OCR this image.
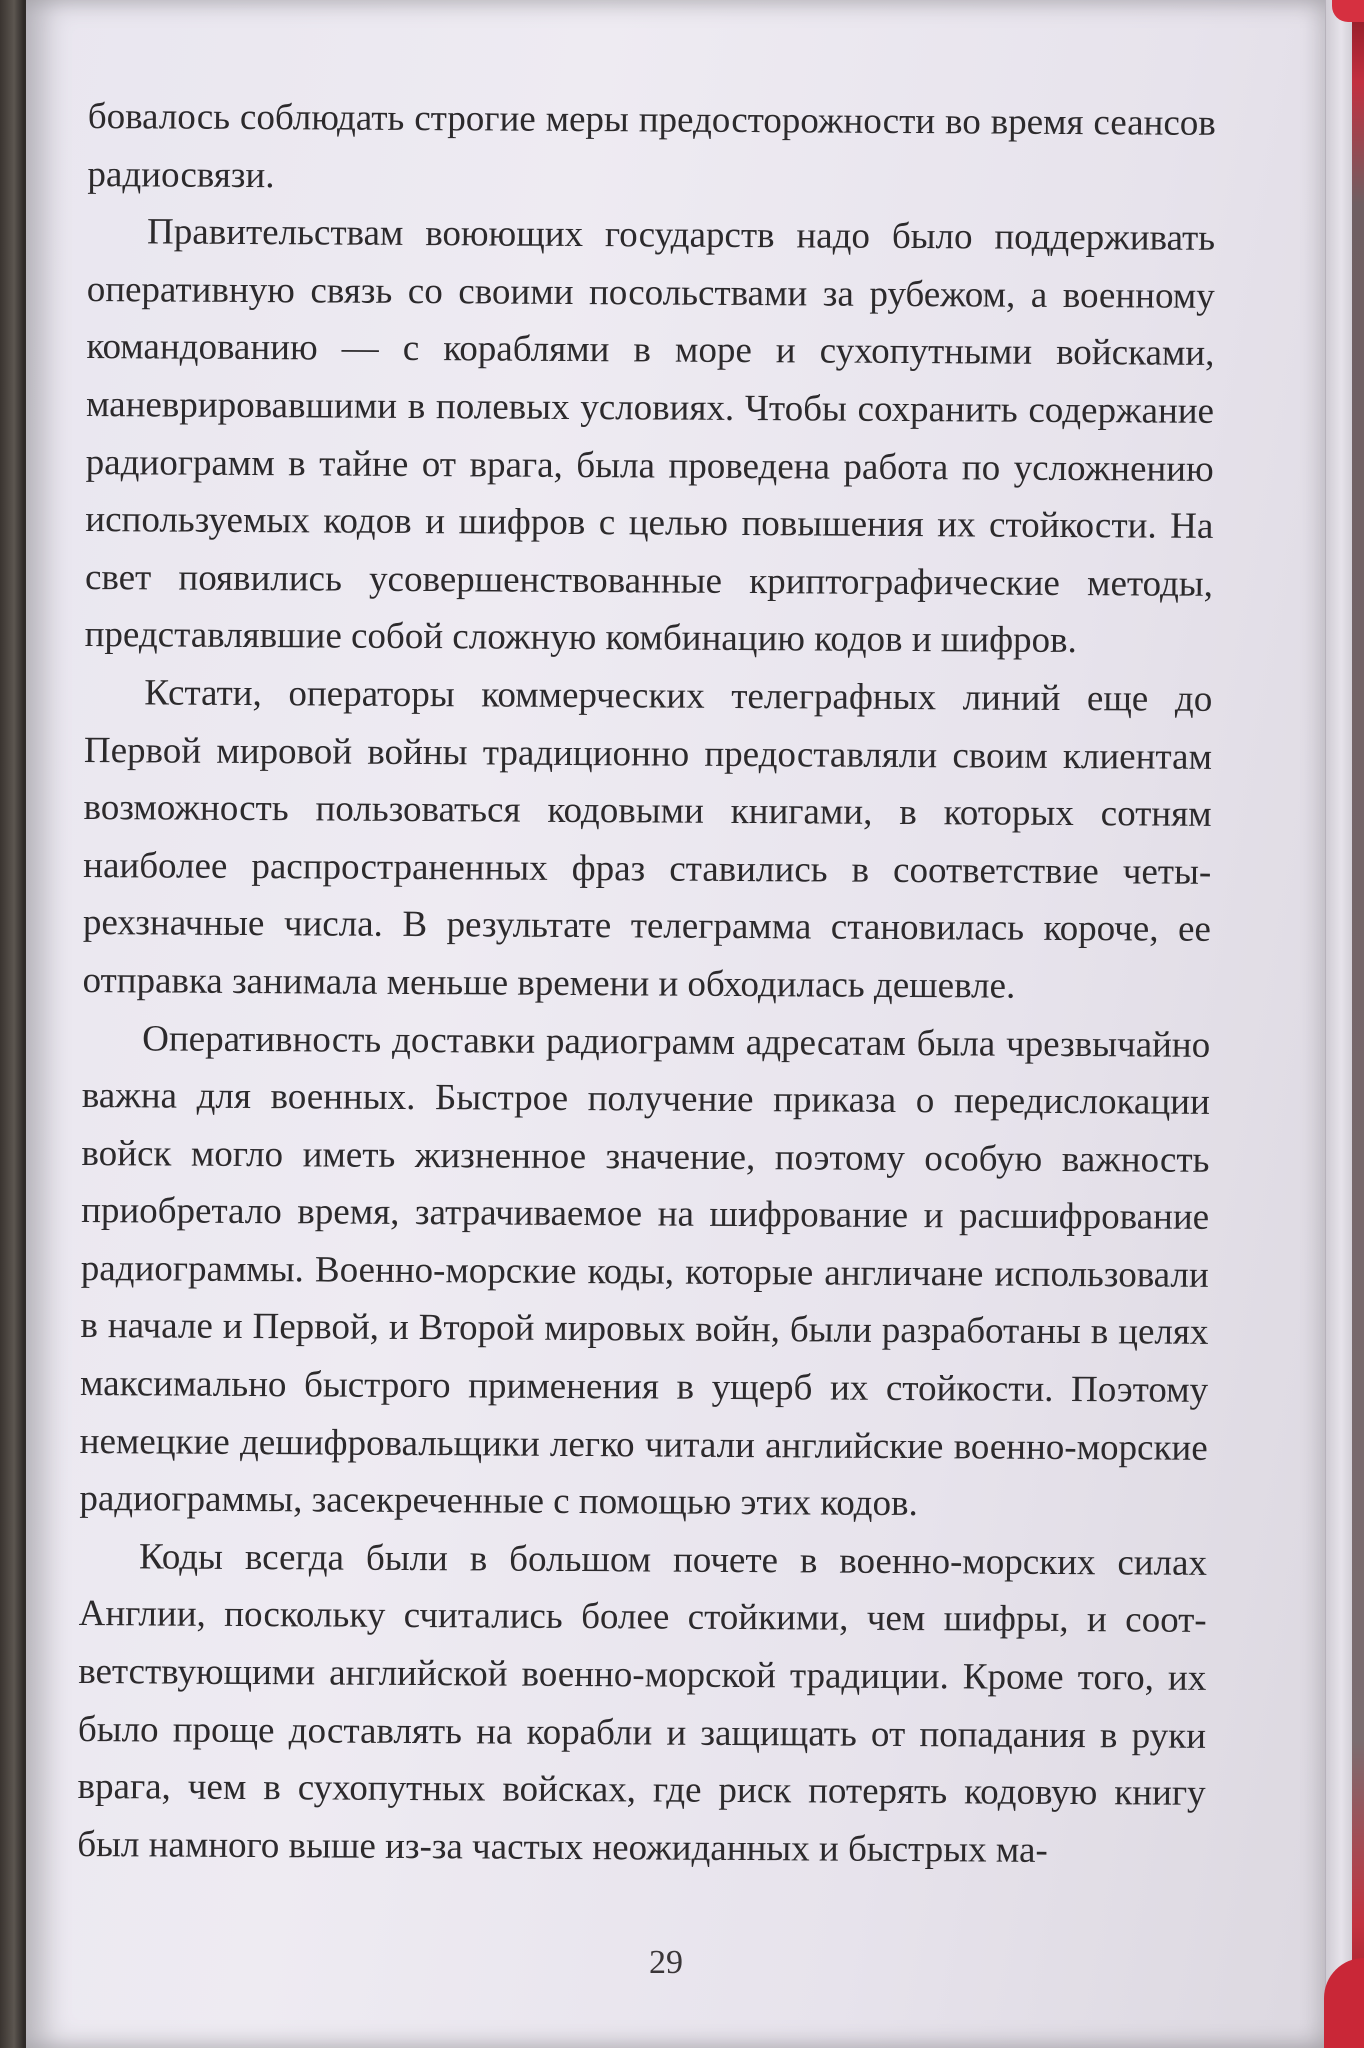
бовалось соблюдать строгие меры предосторожности во время сеансов радиосвязи.

Правительствам воюющих государств надо было поддерживать оперативную связь со своими посольствами за рубежом, а военному командованию — с кораблями в море и сухопутными войсками, маневрировавшими в полевых условиях. Чтобы сохранить содержание радиограмм в тайне от врага, была проведена работа по усложнению используемых кодов и шифров с целью повышения их стойкости. На свет появились усовершенствованные криптографические методы, представлявшие собой сложную комбинацию кодов и шифров.

Кстати, операторы коммерческих телеграфных линий еще до Первой мировой войны традиционно предоставляли своим клиентам возможность пользоваться кодовыми книгами, в которых сотням наиболее распространенных фраз ставились в соответствие четырехзначные числа. В результате телеграмма становилась короче, ее отправка занимала меньше времени и обходилась дешевле.

Оперативность доставки радиограмм адресатам была чрезвычайно важна для военных. Быстрое получение приказа о передислокации войск могло иметь жизненное значение, поэтому особую важность приобретало время, затрачиваемое на шифрование и расшифрование радиограммы. Военно-морские коды, которые англичане использовали в начале и Первой, и Второй мировых войн, были разработаны в целях максимально быстрого применения в ущерб их стойкости. Поэтому немецкие дешифровальщики легко читали английские военно-морские радиограммы, засекреченные с помощью этих кодов.

Коды всегда были в большом почете в военно-морских силах Англии, поскольку считались более стойкими, чем шифры, и соответствующими английской военно-морской традиции. Кроме того, их было проще доставлять на корабли и защищать от попадания в руки врага, чем в сухопутных войсках, где риск потерять кодовую книгу был намного выше из-за частых неожиданных и быстрых ма-

29
